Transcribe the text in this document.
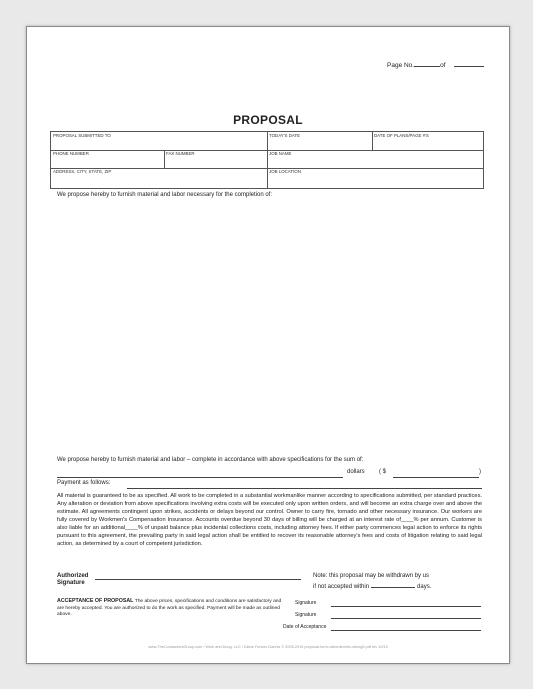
Page No.	of
PROPOSAL
PROPOSAL SUBMITTED TO	TODAY'S DATE	DATE OF PLANS/PAGE #'S
PHONE NUMBER	FAX NUMBER	JOB NAME
ADDRESS, CITY, STATE, ZIP	JOB LOCATION
We propose hereby to furnish material and labor necessary for the completion of:
We propose hereby to furnish material and labor – complete in accordance with above specifications for the sum of:
dollars ( $	)
Payment as follows:
All material is guaranteed to be as specified. All work to be completed in a substantial workmanlike manner according to specifications submitted, per standard practices. Any alteration or deviation from above specifications involving extra costs will be executed only upon written orders, and will become an extra charge over and above the estimate. All agreements contingent upon strikes, accidents or delays beyond our control. Owner to carry fire, tornado and other necessary insurance. Our workers are fully covered by Workmen's Compensation Insurance. Accounts overdue beyond 30 days of billing will be charged at an interest rate of____% per annum. Customer is also liable for an additional____% of unpaid balance plus incidental collections costs, including attorney fees. If either party commences legal action to enforce its rights pursuant to this agreement, the prevailing party in said legal action shall be entitled to recover its reasonable attorney's fees and costs of litigation relating to said legal action, as determined by a court of competent jurisdiction.
Authorized
Signature
Note: this proposal may be withdrawn by us
if not accepted within	days.
ACCEPTANCE OF PROPOSAL The above prices, specifications and conditions are satisfactory and are hereby accepted. You are authorized to do the work as specified. Payment will be made as outlined above.
Signature
Signature
Date of Acceptance
www.TheContractorsGroup.com / Work and Doug, LLC / Diane Forster-Gannis © 2005-2015 proposal-form-vdbordenmfc-wkreg5.pdf rev 10/15
